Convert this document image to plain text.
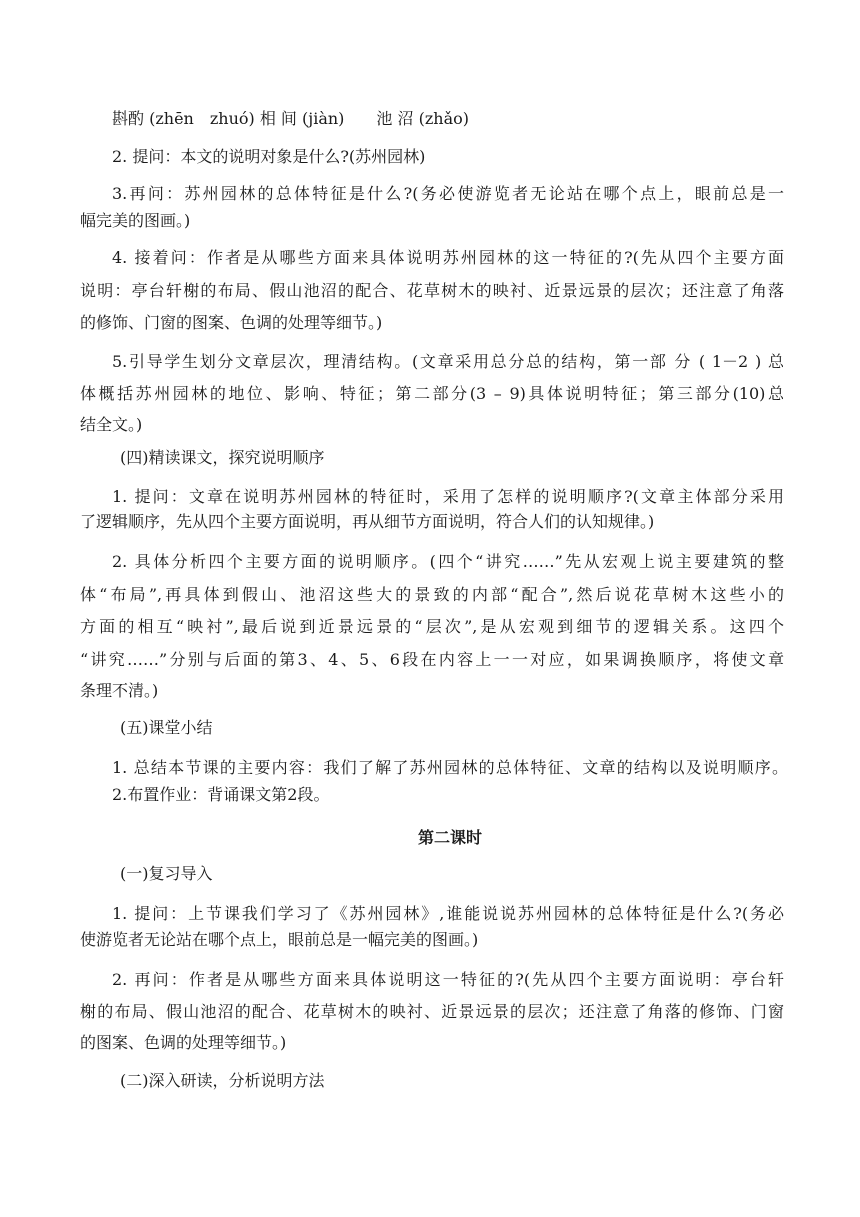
斟酌 (zhēn　zhuó) 相 间 (jiàn)　　池 沼 (zhǎo)
2. 提问：本文的说明对象是什么?(苏州园林)
3.再问：苏州园林的总体特征是什么?(务必使游览者无论站在哪个点上，眼前总是一
幅完美的图画。)
4. 接着问：作者是从哪些方面来具体说明苏州园林的这一特征的?(先从四个主要方面
说明：亭台轩榭的布局、假山池沼的配合、花草树木的映衬、近景远景的层次；还注意了角落
的修饰、门窗的图案、色调的处理等细节。)
5.引导学生划分文章层次，理清结构。(文章采用总分总的结构，第一部 分 ( 1－2 ) 总
体概括苏州园林的地位、影响、特征；第二部分(3 – 9)具体说明特征；第三部分(10)总
结全文。)
(四)精读课文，探究说明顺序
1. 提问：文章在说明苏州园林的特征时，采用了怎样的说明顺序?(文章主体部分采用
了逻辑顺序，先从四个主要方面说明，再从细节方面说明，符合人们的认知规律。)
2. 具体分析四个主要方面的说明顺序。(四个“讲究……”先从宏观上说主要建筑的整
体“布局”,再具体到假山、池沼这些大的景致的内部“配合”,然后说花草树木这些小的
方面的相互“映衬”,最后说到近景远景的“层次”,是从宏观到细节的逻辑关系。这四个
“讲究……”分别与后面的第3、4、5、6段在内容上一一对应，如果调换顺序，将使文章
条理不清。)
(五)课堂小结
1. 总结本节课的主要内容：我们了解了苏州园林的总体特征、文章的结构以及说明顺序。
2.布置作业：背诵课文第2段。
第二课时
(一)复习导入
1. 提问：上节课我们学习了《苏州园林》,谁能说说苏州园林的总体特征是什么?(务必
使游览者无论站在哪个点上，眼前总是一幅完美的图画。)
2. 再问：作者是从哪些方面来具体说明这一特征的?(先从四个主要方面说明：亭台轩
榭的布局、假山池沼的配合、花草树木的映衬、近景远景的层次；还注意了角落的修饰、门窗
的图案、色调的处理等细节。)
(二)深入研读，分析说明方法
